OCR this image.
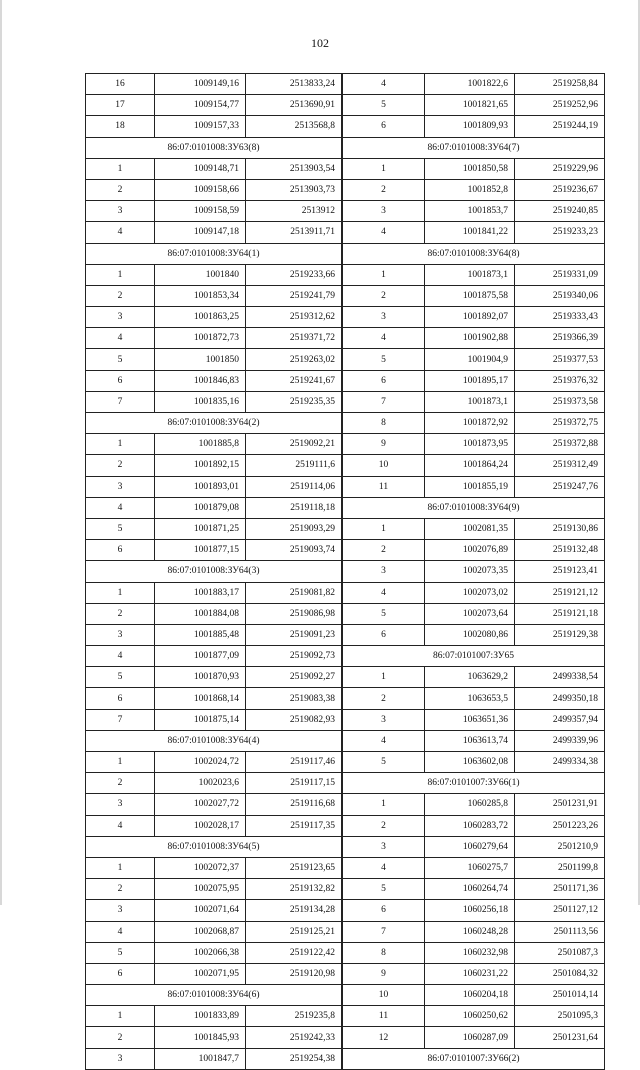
102
16	1009149,16	2513833,24
17	1009154,77	2513690,91
18	1009157,33	2513568,8
86:07:0101008:ЗУ63(8)		
1	1009148,71	2513903,54
2	1009158,66	2513903,73
3	1009158,59	2513912
4	1009147,18	2513911,71
86:07:0101008:ЗУ64(1)		
1	1001840	2519233,66
2	1001853,34	2519241,79
3	1001863,25	2519312,62
4	1001872,73	2519371,72
5	1001850	2519263,02
6	1001846,83	2519241,67
7	1001835,16	2519235,35
86:07:0101008:ЗУ64(2)		
1	1001885,8	2519092,21
2	1001892,15	2519111,6
3	1001893,01	2519114,06
4	1001879,08	2519118,18
5	1001871,25	2519093,29
6	1001877,15	2519093,74
86:07:0101008:ЗУ64(3)		
1	1001883,17	2519081,82
2	1001884,08	2519086,98
3	1001885,48	2519091,23
4	1001877,09	2519092,73
5	1001870,93	2519092,27
6	1001868,14	2519083,38
7	1001875,14	2519082,93
86:07:0101008:ЗУ64(4)		
1	1002024,72	2519117,46
2	1002023,6	2519117,15
3	1002027,72	2519116,68
4	1002028,17	2519117,35
86:07:0101008:ЗУ64(5)		
1	1002072,37	2519123,65
2	1002075,95	2519132,82
3	1002071,64	2519134,28
4	1002068,87	2519125,21
5	1002066,38	2519122,42
6	1002071,95	2519120,98
86:07:0101008:ЗУ64(6)		
1	1001833,89	2519235,8
2	1001845,93	2519242,33
3	1001847,7	2519254,38
4	1001822,6	2519258,84
5	1001821,65	2519252,96
6	1001809,93	2519244,19
86:07:0101008:ЗУ64(7)		
1	1001850,58	2519229,96
2	1001852,8	2519236,67
3	1001853,7	2519240,85
4	1001841,22	2519233,23
86:07:0101008:ЗУ64(8)		
1	1001873,1	2519331,09
2	1001875,58	2519340,06
3	1001892,07	2519333,43
4	1001902,88	2519366,39
5	1001904,9	2519377,53
6	1001895,17	2519376,32
7	1001873,1	2519373,58
8	1001872,92	2519372,75
9	1001873,95	2519372,88
10	1001864,24	2519312,49
11	1001855,19	2519247,76
86:07:0101008:ЗУ64(9)		
1	1002081,35	2519130,86
2	1002076,89	2519132,48
3	1002073,35	2519123,41
4	1002073,02	2519121,12
5	1002073,64	2519121,18
6	1002080,86	2519129,38
86:07:0101007:ЗУ65		
1	1063629,2	2499338,54
2	1063653,5	2499350,18
3	1063651,36	2499357,94
4	1063613,74	2499339,96
5	1063602,08	2499334,38
86:07:0101007:ЗУ66(1)		
1	1060285,8	2501231,91
2	1060283,72	2501223,26
3	1060279,64	2501210,9
4	1060275,7	2501199,8
5	1060264,74	2501171,36
6	1060256,18	2501127,12
7	1060248,28	2501113,56
8	1060232,98	2501087,3
9	1060231,22	2501084,32
10	1060204,18	2501014,14
11	1060250,62	2501095,3
12	1060287,09	2501231,64
86:07:0101007:ЗУ66(2)		
